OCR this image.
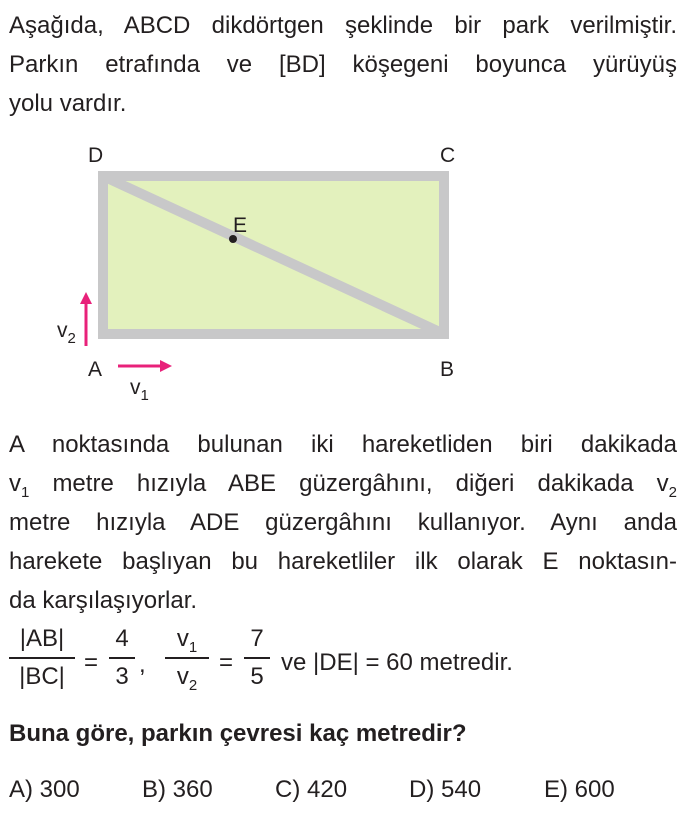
Aşağıda, ABCD dikdörtgen şeklinde bir park verilmiştir.
Parkın etrafında ve [BD] köşegeni boyunca yürüyüş
yolu vardır.
D	C
A	B
E
$v_2$
$v_1$
A noktasında bulunan iki hareketliden biri dakikada
$v_1$ metre hızıyla ABE güzergâhını, diğeri dakikada $v_2$
metre hızıyla ADE güzergâhını kullanıyor. Aynı anda
harekete başlıyan bu hareketliler ilk olarak E noktasın-
da karşılaşıyorlar.
|AB|
|BC|
=
4
3 ,
$v_1$
$v_2$
=
7
5
ve |DE| = 60 metredir.
Buna göre, parkın çevresi kaç metredir?
A) 300	B) 360	C) 420	D) 540	E) 600
